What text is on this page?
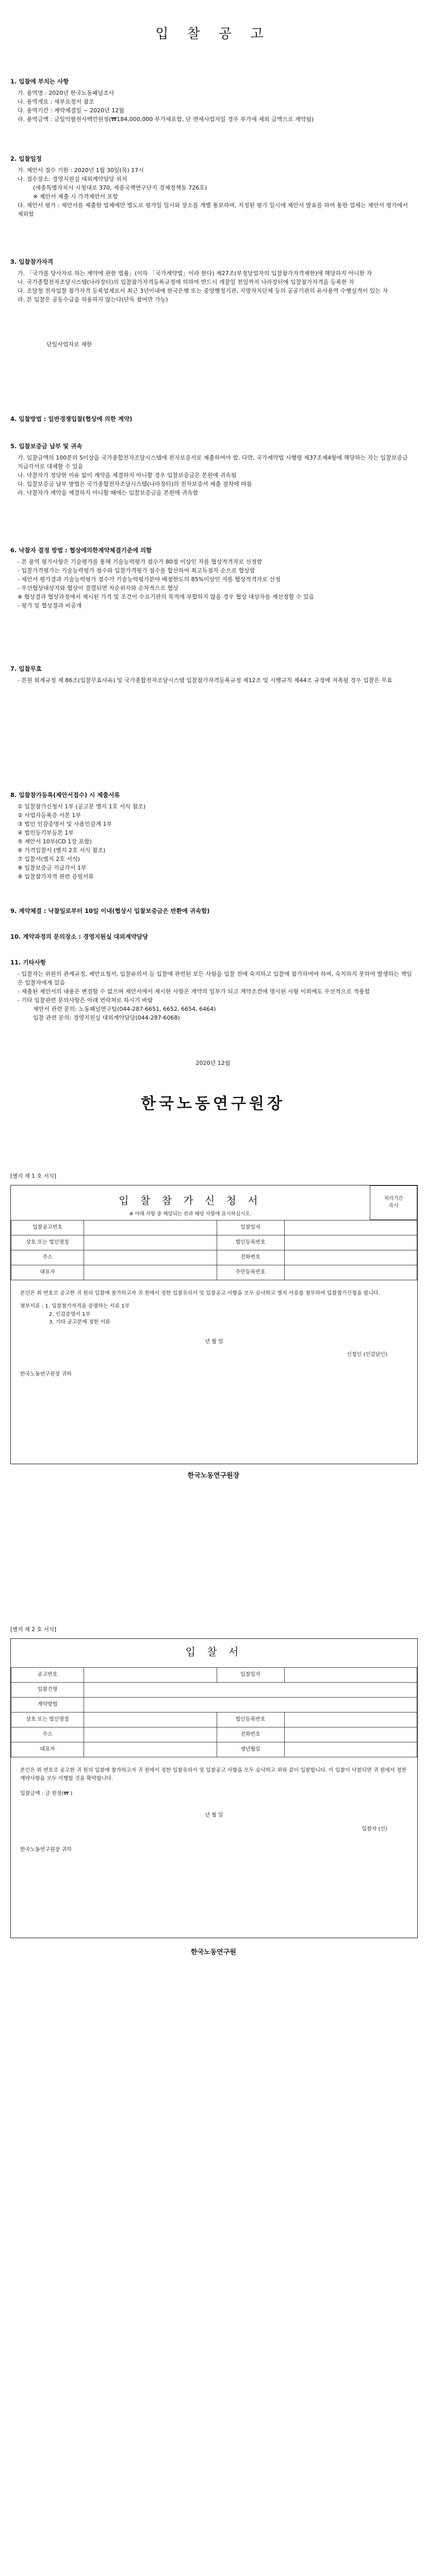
입 찰 공 고
1. 입찰에 부치는 사항
가. 용역명 : 2020년 한국노동패널조사
나. 용역개요 : 세부요청서 참조
다. 용역기간 : 계약체결일 ~ 2020년 12월
라. 용역금액 : 금일억팔천사백만원정(₩184,000,000 부가세포함, 단 면세사업자일 경우 부가세 제외 금액으로 계약됨)
2. 입찰일정
가. 제안서 접수 기한 : 2020년 1월 30일(목) 17시
나. 접수장소: 경영지원실 대외계약담당 위치
(세종특별자치시 시청대로 370, 세종국책연구단지 경제정책동 726호)
※ 제안서 제출 시 가격제안서 포함
다. 제안서 평가 : 제안서를 제출한 업체에만 별도로 평가일 일시와 장소를 개별 통보하며, 지정된 평가 일시에 제안서 발표를 하여 통한 업체는 제안서 평가에서 제외함
3. 입찰참가자격
가. 「국가를 당사자로 하는 계약에 관한 법률」(이하 「국가계약법」이라 한다) 제27조(부정당업자의 입찰참가자격제한)에 해당하지 아니한 자
나. 국가종합전자조달시스템(나라장터)의 입찰참가자격등록규정에 의하여 반드시 개찰일 전일까지 나라장터에 입찰참가자격을 등록한 자
다. 조달청 전자입찰 참가자격 등록업체로서 최근 3년이내에 한국은행 또는 중앙행정기관, 지방자치단체 등의 공공기관의 유사용역 수행실적이 있는 자
라. 본 입찰은 공동수급을 허용하지 않는다(단독 참여만 가능)
단일사업자로 제한
4. 입찰방법 : 일반경쟁입찰(협상에 의한 계약)
5. 입찰보증금 납부 및 귀속
가. 입찰금액의 100분의 5이상을 국가종합전자조달시스템에 전자보증서로 제출하여야 함. 다만, 국가계약법 시행령 제37조제4항에 해당하는 자는 입찰보증금 지급각서로 대체할 수 있음
나. 낙찰자가 정당한 이유 없이 계약을 체결하지 아니할 경우 입찰보증금은 본원에 귀속됨
다. 입찰보증금 납부 방법은 국가종합전자조달시스템(나라장터)의 전자보증서 제출 절차에 따름
라. 낙찰자가 계약을 체결하지 아니할 때에는 입찰보증금을 본원에 귀속함
6. 낙찰자 결정 방법 : 협상에의한계약체결기준에 의함
- 본 용역 평가사항은 기술평가를 통해 기술능력평가 점수가 80점 이상인 자를 협상적격자로 선정함
- 입찰가격평가는 기술능력평가 점수와 입찰가격평가 점수를 합산하여 최고득점자 순으로 협상함
- 제안서 평가결과 기술능력평가 점수가 기술능력평가분야 배점한도의 85%이상인 자를 협상적격자로 선정
- 우선협상대상자와 협상이 결렬되면 차순위자와 순차적으로 협상
※ 협상결과 협상과정에서 제시된 가격 및 조건이 수요기관의 목적에 부합하지 않을 경우 협상 대상자를 재선정할 수 있음
- 평가 및 협상결과 비공개
7. 입찰무효
- 본원 회계규정 제 86조(입찰무효사유) 및 국가종합전자조달시스템 입찰참가자격등록규정 제12조 및 시행규칙 제44조 규정에 저촉될 경우 입찰은 무효
8. 입찰참가등록(제안서접수) 시 제출서류
① 입찰참가신청서 1부 (공고문 별지 1호 서식 참조)
② 사업자등록증 사본 1부
③ 법인 인감증명서 및 사용인감계 1부
④ 법인등기부등본 1부
⑤ 제안서 10부(CD 1장 포함)
⑥ 가격입찰서 (별지 2호 서식 참조)
⑦ 입찰서(별지 2호 서식)
⑧ 입찰보증금 지급각서 1부
⑨ 입찰참가자격 관련 증빙서류
9. 계약체결 : 낙찰일로부터 10일 이내(협상시 입찰보증금은 반환에 귀속함)
10. 계약과정의 문의장소 : 경영지원실 대외계약담당
11. 기타사항
- 입찰자는 위원의 관계규정, 제안요청서, 입찰유의서 등 입찰에 관련된 모든 사항을 입찰 전에 숙지하고 입찰에 참가하여야 하며, 숙지하지 못하여 발생하는 책임은 입찰자에게 있음
- 제출된 제안서의 내용은 변경할 수 없으며 제안서에서 제시한 사항은 계약의 일부가 되고 계약조건에 명시된 사항 이외에도 우선적으로 적용함
- 기타 입찰관련 문의사항은 아래 연락처로 하시기 바람
제안서 관련 문의: 노동패널연구팀(044-287-6651, 6652, 6654, 6464)
입찰 관련 문의: 경영지원실 대외계약담당(044-287-6068)
2020년 12월
한국노동연구원장
[별지 제 1 호 서식]
입 찰 참 가 신 청 서
※ 아래 사항 중 해당되는 칸과 해당 사항에 표시하십시오.

처리기간
즉시
입찰공고번호		입찰일자	
상호 또는 법인명칭		법인등록번호	
주소		전화번호	
대표자		주민등록번호	

본인은 위 번호로 공고한 귀 원의 입찰에 참가하고자 귀 원에서 정한 입찰유의서 및 입찰공고 사항을 모두 승낙하고 별지 서류를 첨부하여 입찰참가신청을 합니다.

첨부서류 : 1. 입찰참가자격을 증명하는 서류 1부
2. 인감증명서 1부
3. 기타 공고문에 정한 서류
년 월 일
신청인 (인감날인)
한국노동연구원장 귀하
한국노동연구원장
[별지 제 2 호 서식]
입 찰 서
공고번호		입찰일자	
입찰건명			
계약방법			
상호 또는 법인명칭		법인등록번호	
주소		전화번호	
대표자		생년월일	

본인은 위 번호로 공고한 귀 원의 입찰에 참가하고자 귀 원에서 정한 입찰유의서 및 입찰공고 사항을 모두 승낙하고 위와 같이 입찰합니다. 이 입찰이 낙찰되면 귀 원에서 정한 계약사항을 모두 이행할 것을 확약합니다.

입찰금액 : 금 원정(₩ )
년 월 일
입찰자 (인)
한국노동연구원장 귀하
한국노동연구원
